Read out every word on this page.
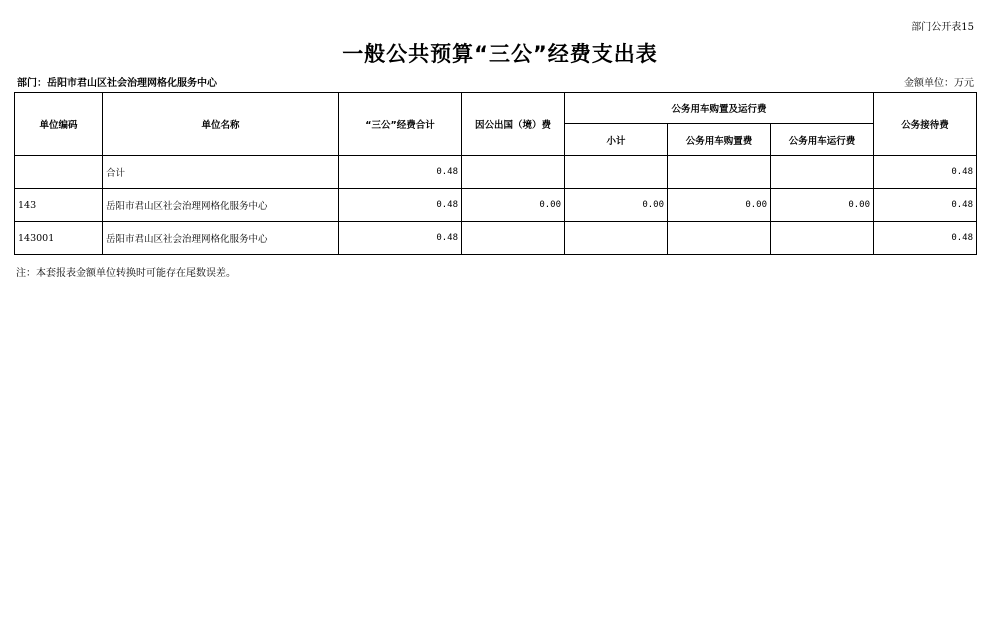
部门公开表15
一般公共预算“三公”经费支出表
部门：岳阳市君山区社会治理网格化服务中心	金额单位：万元
单位编码	单位名称	“三公”经费合计	因公出国（境）费	公务用车购置及运行费			公务接待费
				小计	公务用车购置费	公务用车运行费	
	合计	0.48					0.48
143	岳阳市君山区社会治理网格化服务中心	0.48	0.00	0.00	0.00	0.00	0.48
143001	岳阳市君山区社会治理网格化服务中心	0.48					0.48
注：本套报表金额单位转换时可能存在尾数误差。
